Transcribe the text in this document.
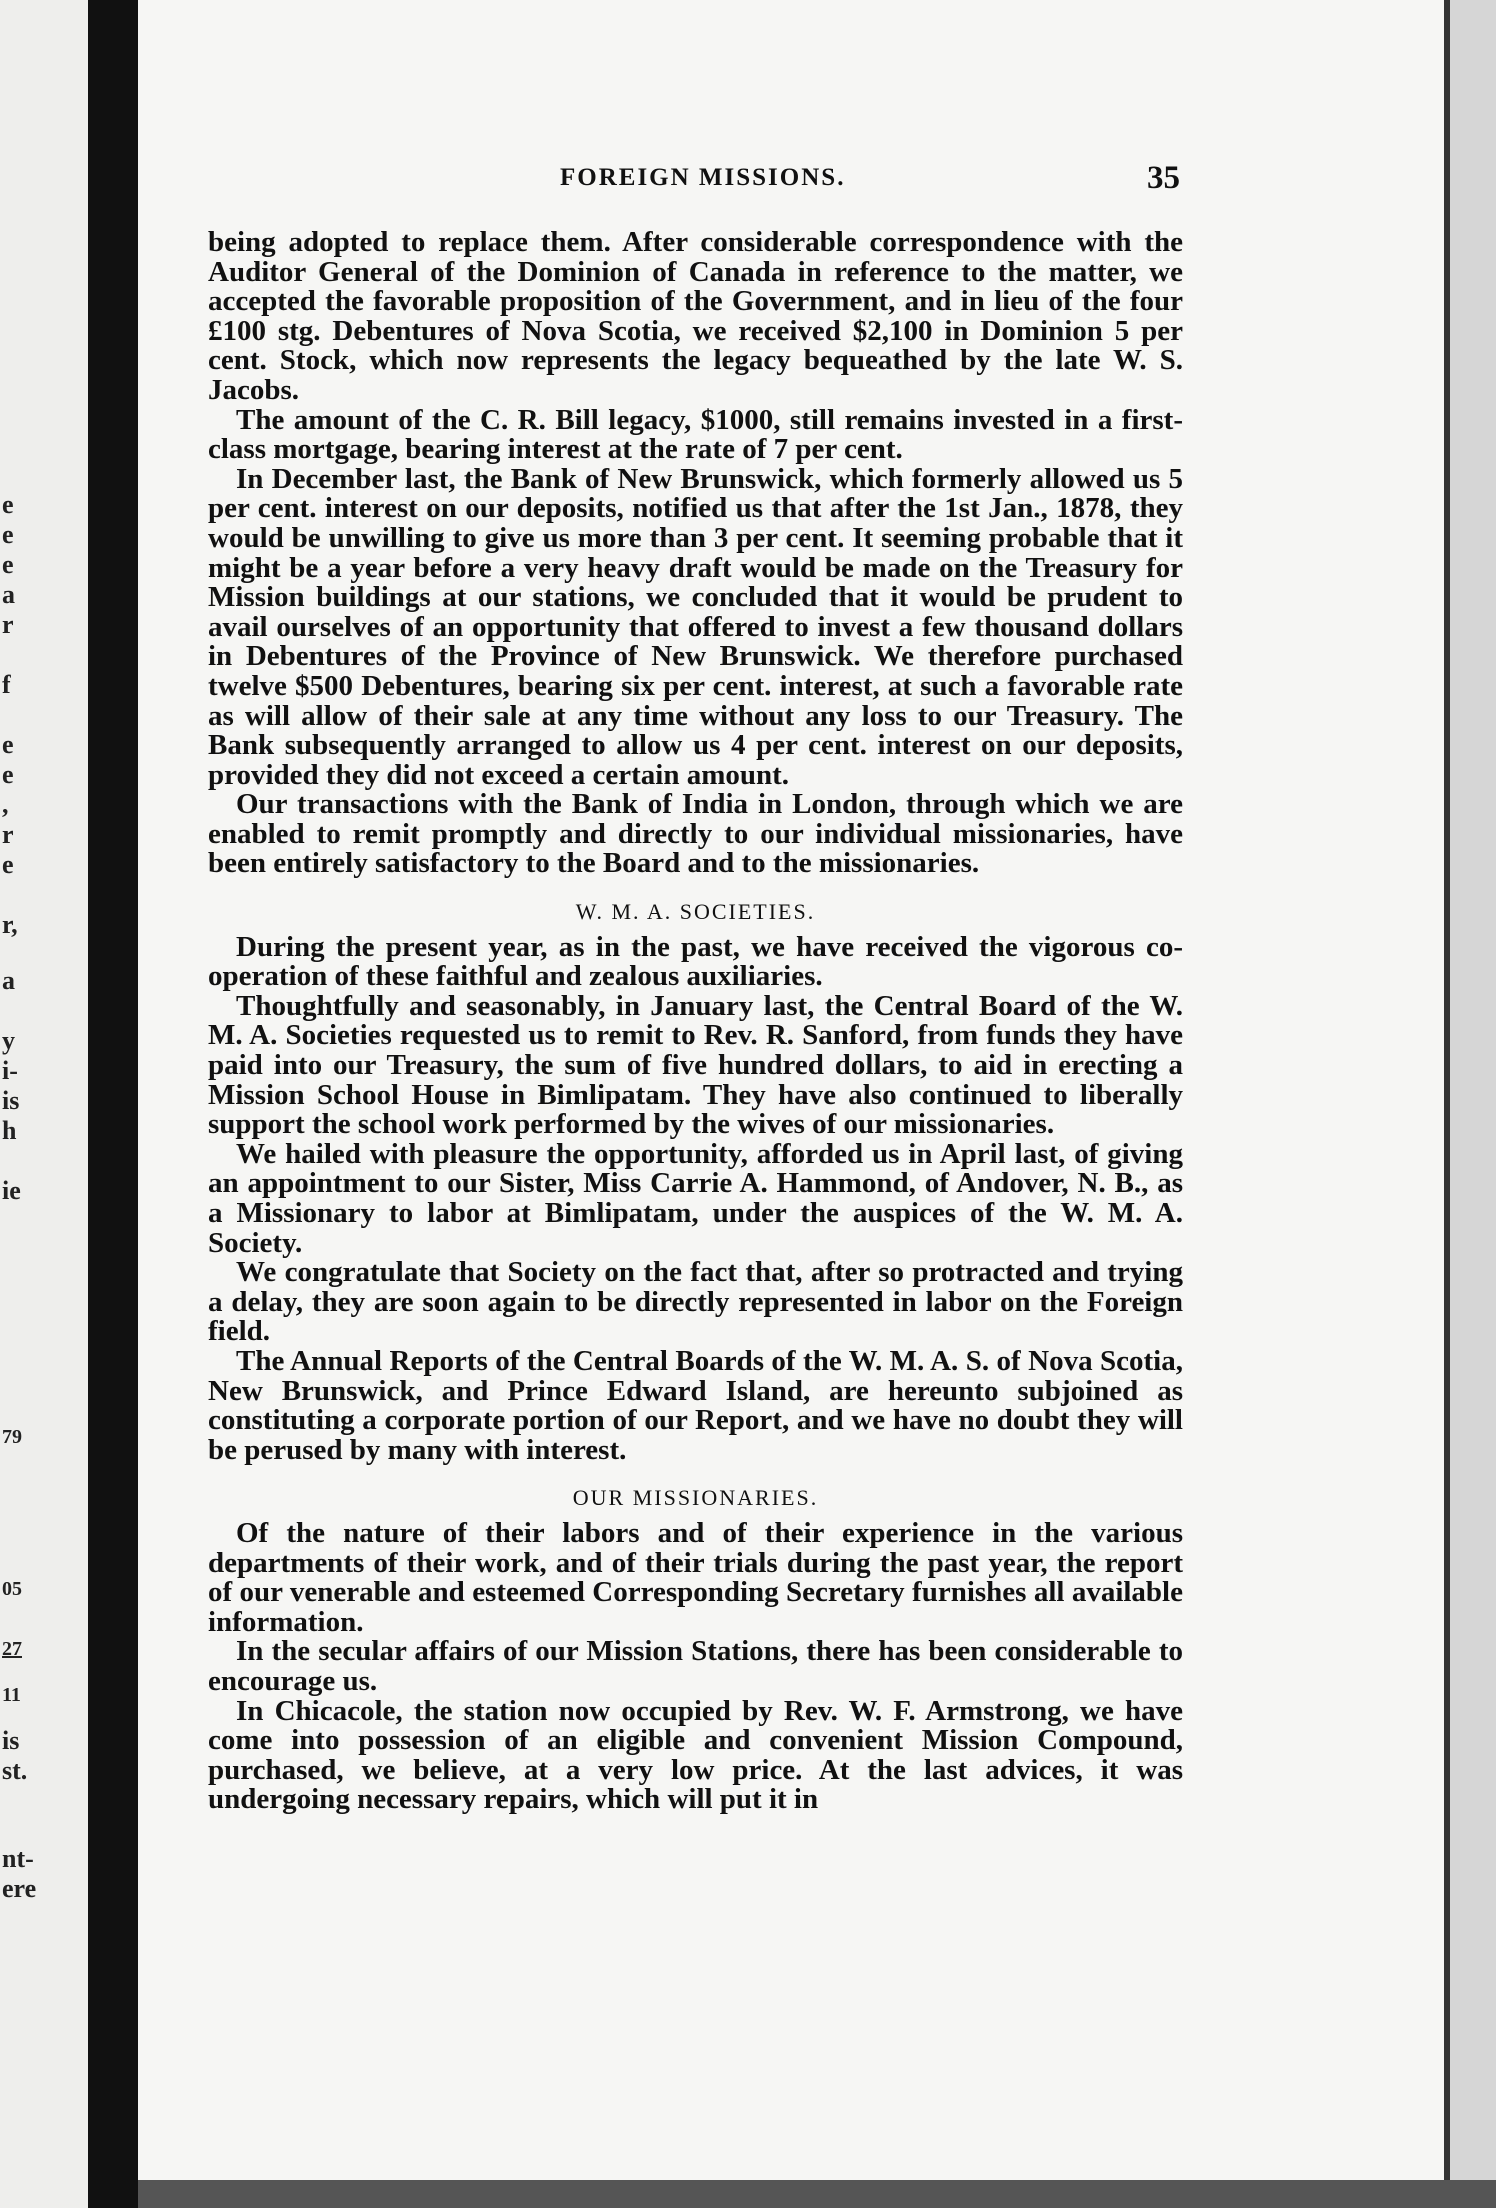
e
e
e
a
r
f
e
e
,
r
e
r,
a
y
i-
is
h
ie
79
05
27
11
is
st.
nt-
ere
FOREIGN MISSIONS.	35

being adopted to replace them. After considerable correspondence with the Auditor General of the Dominion of Canada in reference to the matter, we accepted the favorable proposition of the Government, and in lieu of the four £100 stg. Debentures of Nova Scotia, we received $2,100 in Dominion 5 per cent. Stock, which now represents the legacy bequeathed by the late W. S. Jacobs.

The amount of the C. R. Bill legacy, $1000, still remains invested in a first-class mortgage, bearing interest at the rate of 7 per cent.

In December last, the Bank of New Brunswick, which formerly allowed us 5 per cent. interest on our deposits, notified us that after the 1st Jan., 1878, they would be unwilling to give us more than 3 per cent. It seeming probable that it might be a year before a very heavy draft would be made on the Treasury for Mission buildings at our stations, we concluded that it would be prudent to avail ourselves of an opportunity that offered to invest a few thousand dollars in Debentures of the Province of New Brunswick. We therefore purchased twelve $500 Debentures, bearing six per cent. interest, at such a favorable rate as will allow of their sale at any time without any loss to our Treasury. The Bank subsequently arranged to allow us 4 per cent. interest on our deposits, provided they did not exceed a certain amount.

Our transactions with the Bank of India in London, through which we are enabled to remit promptly and directly to our individual missionaries, have been entirely satisfactory to the Board and to the missionaries.

W. M. A. SOCIETIES.

During the present year, as in the past, we have received the vigorous co-operation of these faithful and zealous auxiliaries.

Thoughtfully and seasonably, in January last, the Central Board of the W. M. A. Societies requested us to remit to Rev. R. Sanford, from funds they have paid into our Treasury, the sum of five hundred dollars, to aid in erecting a Mission School House in Bimlipatam. They have also continued to liberally support the school work performed by the wives of our missionaries.

We hailed with pleasure the opportunity, afforded us in April last, of giving an appointment to our Sister, Miss Carrie A. Hammond, of Andover, N. B., as a Missionary to labor at Bimlipatam, under the auspices of the W. M. A. Society.

We congratulate that Society on the fact that, after so protracted and trying a delay, they are soon again to be directly represented in labor on the Foreign field.

The Annual Reports of the Central Boards of the W. M. A. S. of Nova Scotia, New Brunswick, and Prince Edward Island, are hereunto subjoined as constituting a corporate portion of our Report, and we have no doubt they will be perused by many with interest.

OUR MISSIONARIES.

Of the nature of their labors and of their experience in the various departments of their work, and of their trials during the past year, the report of our venerable and esteemed Corresponding Secretary furnishes all available information.

In the secular affairs of our Mission Stations, there has been considerable to encourage us.

In Chicacole, the station now occupied by Rev. W. F. Armstrong, we have come into possession of an eligible and convenient Mission Compound, purchased, we believe, at a very low price. At the last advices, it was undergoing necessary repairs, which will put it in
